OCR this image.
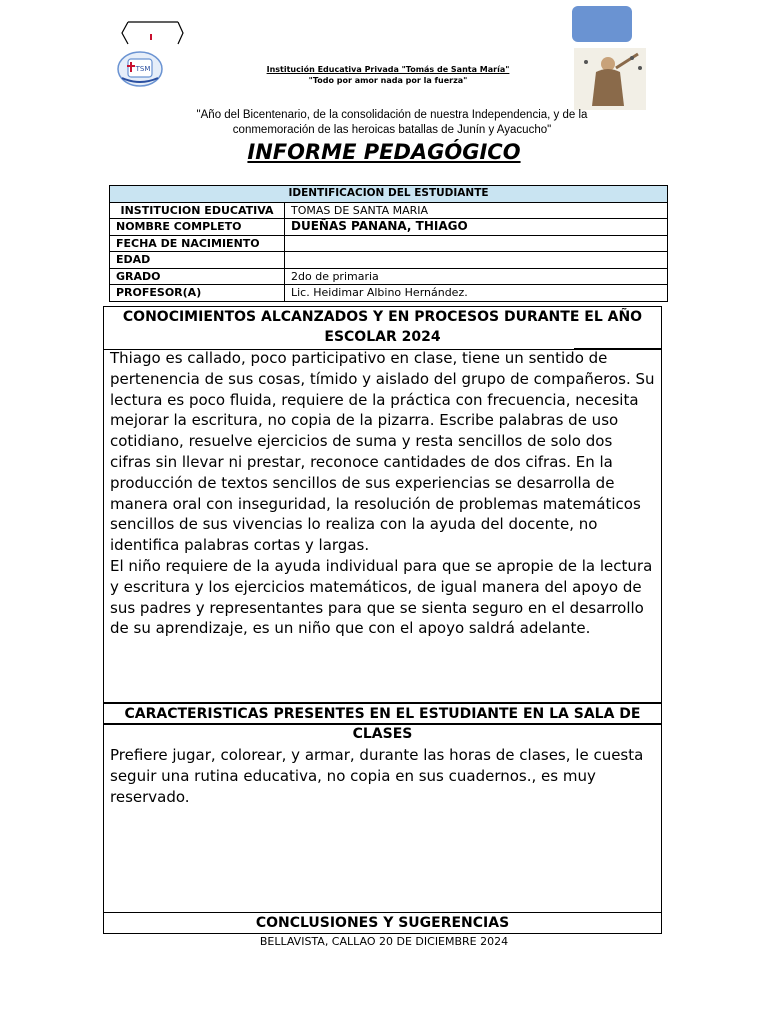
TSM	Institución Educativa Privada "Tomás de Santa María"
"Todo por amor nada por la fuerza"
"Año del Bicentenario, de la consolidación de nuestra Independencia, y de la
conmemoración de las heroicas batallas de Junín y Ayacucho"
INFORME PEDAGÓGICO
IDENTIFICACION DEL ESTUDIANTE	
INSTITUCION EDUCATIVA	TOMAS DE SANTA MARIA
NOMBRE COMPLETO	DUEÑAS PANANA, THIAGO
FECHA DE NACIMIENTO	
EDAD	
GRADO	2do de primaria
PROFESOR(A)	Lic. Heidimar Albino Hernández.
CONOCIMIENTOS ALCANZADOS Y EN PROCESOS DURANTE EL AÑO
ESCOLAR 2024

Thiago es callado, poco participativo en clase, tiene un sentido de pertenencia de sus cosas, tímido y aislado del grupo de compañeros. Su lectura es poco fluida, requiere de la práctica con frecuencia, necesita mejorar la escritura, no copia de la pizarra. Escribe palabras de uso cotidiano, resuelve ejercicios de suma y resta sencillos de solo dos cifras sin llevar ni prestar, reconoce cantidades de dos cifras. En la producción de textos sencillos de sus experiencias se desarrolla de manera oral con inseguridad, la resolución de problemas matemáticos sencillos de sus vivencias lo realiza con la ayuda del docente, no identifica palabras cortas y largas.

El niño requiere de la ayuda individual para que se apropie de la lectura y escritura y los ejercicios matemáticos, de igual manera del apoyo de sus padres y representantes para que se sienta seguro en el desarrollo de su aprendizaje, es un niño que con el apoyo saldrá adelante.

CARACTERISTICAS PRESENTES EN EL ESTUDIANTE EN LA SALA DE CLASES
Prefiere jugar, colorear, y armar, durante las horas de clases, le cuesta seguir una rutina educativa, no copia en sus cuadernos., es muy reservado.
CONCLUSIONES Y SUGERENCIAS
BELLAVISTA, CALLAO 20 DE DICIEMBRE 2024
